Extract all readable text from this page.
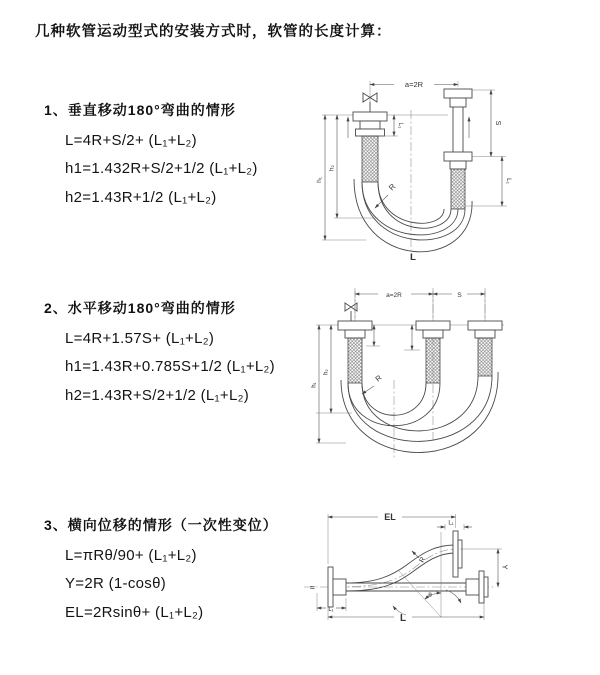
几种软管运动型式的安装方式时，软管的长度计算：
1、垂直移动180°弯曲的情形
L=4R+S/2+ (L₁+L₂)
h1=1.432R+S/2+1/2 (L₁+L₂)
h2=1.43R+1/2 (L₁+L₂)
2、水平移动180°弯曲的情形
L=4R+1.57S+ (L₁+L₂)
h1=1.43R+0.785S+1/2 (L₁+L₂)
h2=1.43R+S/2+1/2 (L₁+L₂)
3、横向位移的情形（一次性变位）
L=πRθ/90+ (L₁+L₂)
Y=2R (1-cosθ)
EL=2Rsinθ+ (L₁+L₂)
a=2R
R
L
S
L₁
h₁
h₂
L₁
a=2R	S
h₁
h₂
R
≈
EL
L₁
Y
θ
R
L
L₁
